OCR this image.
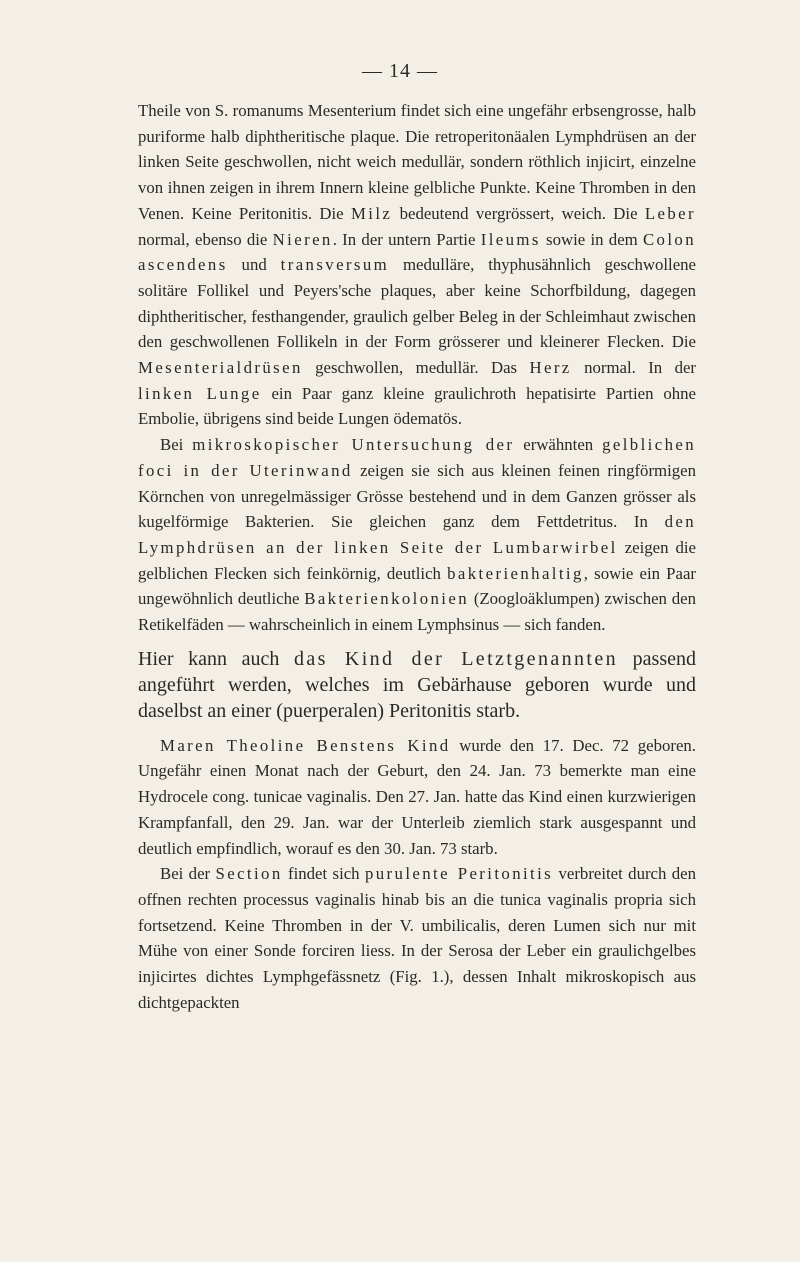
— 14 —

Theile von S. romanums Mesenterium findet sich eine ungefähr erbsengrosse, halb puriforme halb diphtheritische plaque. Die retroperitonäalen Lymphdrüsen an der linken Seite geschwollen, nicht weich medullär, sondern röthlich injicirt, einzelne von ihnen zeigen in ihrem Innern kleine gelbliche Punkte. Keine Thromben in den Venen. Keine Peritonitis. Die Milz bedeutend vergrössert, weich. Die Leber normal, ebenso die Nieren. In der untern Partie Ileums sowie in dem Colon ascendens und transversum medulläre, thyphusähnlich geschwollene solitäre Follikel und Peyers'sche plaques, aber keine Schorfbildung, dagegen diphtheritischer, festhangender, graulich gelber Beleg in der Schleimhaut zwischen den geschwollenen Follikeln in der Form grösserer und kleinerer Flecken. Die Mesenterialdrüsen geschwollen, medullär. Das Herz normal. In der linken Lunge ein Paar ganz kleine graulichroth hepatisirte Partien ohne Embolie, übrigens sind beide Lungen ödematös.

Bei mikroskopischer Untersuchung der erwähnten gelblichen foci in der Uterinwand zeigen sie sich aus kleinen feinen ringförmigen Körnchen von unregelmässiger Grösse bestehend und in dem Ganzen grösser als kugelförmige Bakterien. Sie gleichen ganz dem Fettdetritus. In den Lymphdrüsen an der linken Seite der Lumbarwirbel zeigen die gelblichen Flecken sich feinkörnig, deutlich bakterienhaltig, sowie ein Paar ungewöhnlich deutliche Bakterienkolonien (Zoogloäklumpen) zwischen den Retikelfäden — wahrscheinlich in einem Lymphsinus — sich fanden.

Hier kann auch das Kind der Letztgenannten passend angeführt werden, welches im Gebärhause geboren wurde und daselbst an einer (puerperalen) Peritonitis starb.

Maren Theoline Benstens Kind wurde den 17. Dec. 72 geboren. Ungefähr einen Monat nach der Geburt, den 24. Jan. 73 bemerkte man eine Hydrocele cong. tunicae vaginalis. Den 27. Jan. hatte das Kind einen kurzwierigen Krampfanfall, den 29. Jan. war der Unterleib ziemlich stark ausgespannt und deutlich empfindlich, worauf es den 30. Jan. 73 starb.

Bei der Section findet sich purulente Peritonitis verbreitet durch den offnen rechten processus vaginalis hinab bis an die tunica vaginalis propria sich fortsetzend. Keine Thromben in der V. umbilicalis, deren Lumen sich nur mit Mühe von einer Sonde forciren liess. In der Serosa der Leber ein graulichgelbes injicirtes dichtes Lymphgefässnetz (Fig. 1.), dessen Inhalt mikroskopisch aus dichtgepackten
